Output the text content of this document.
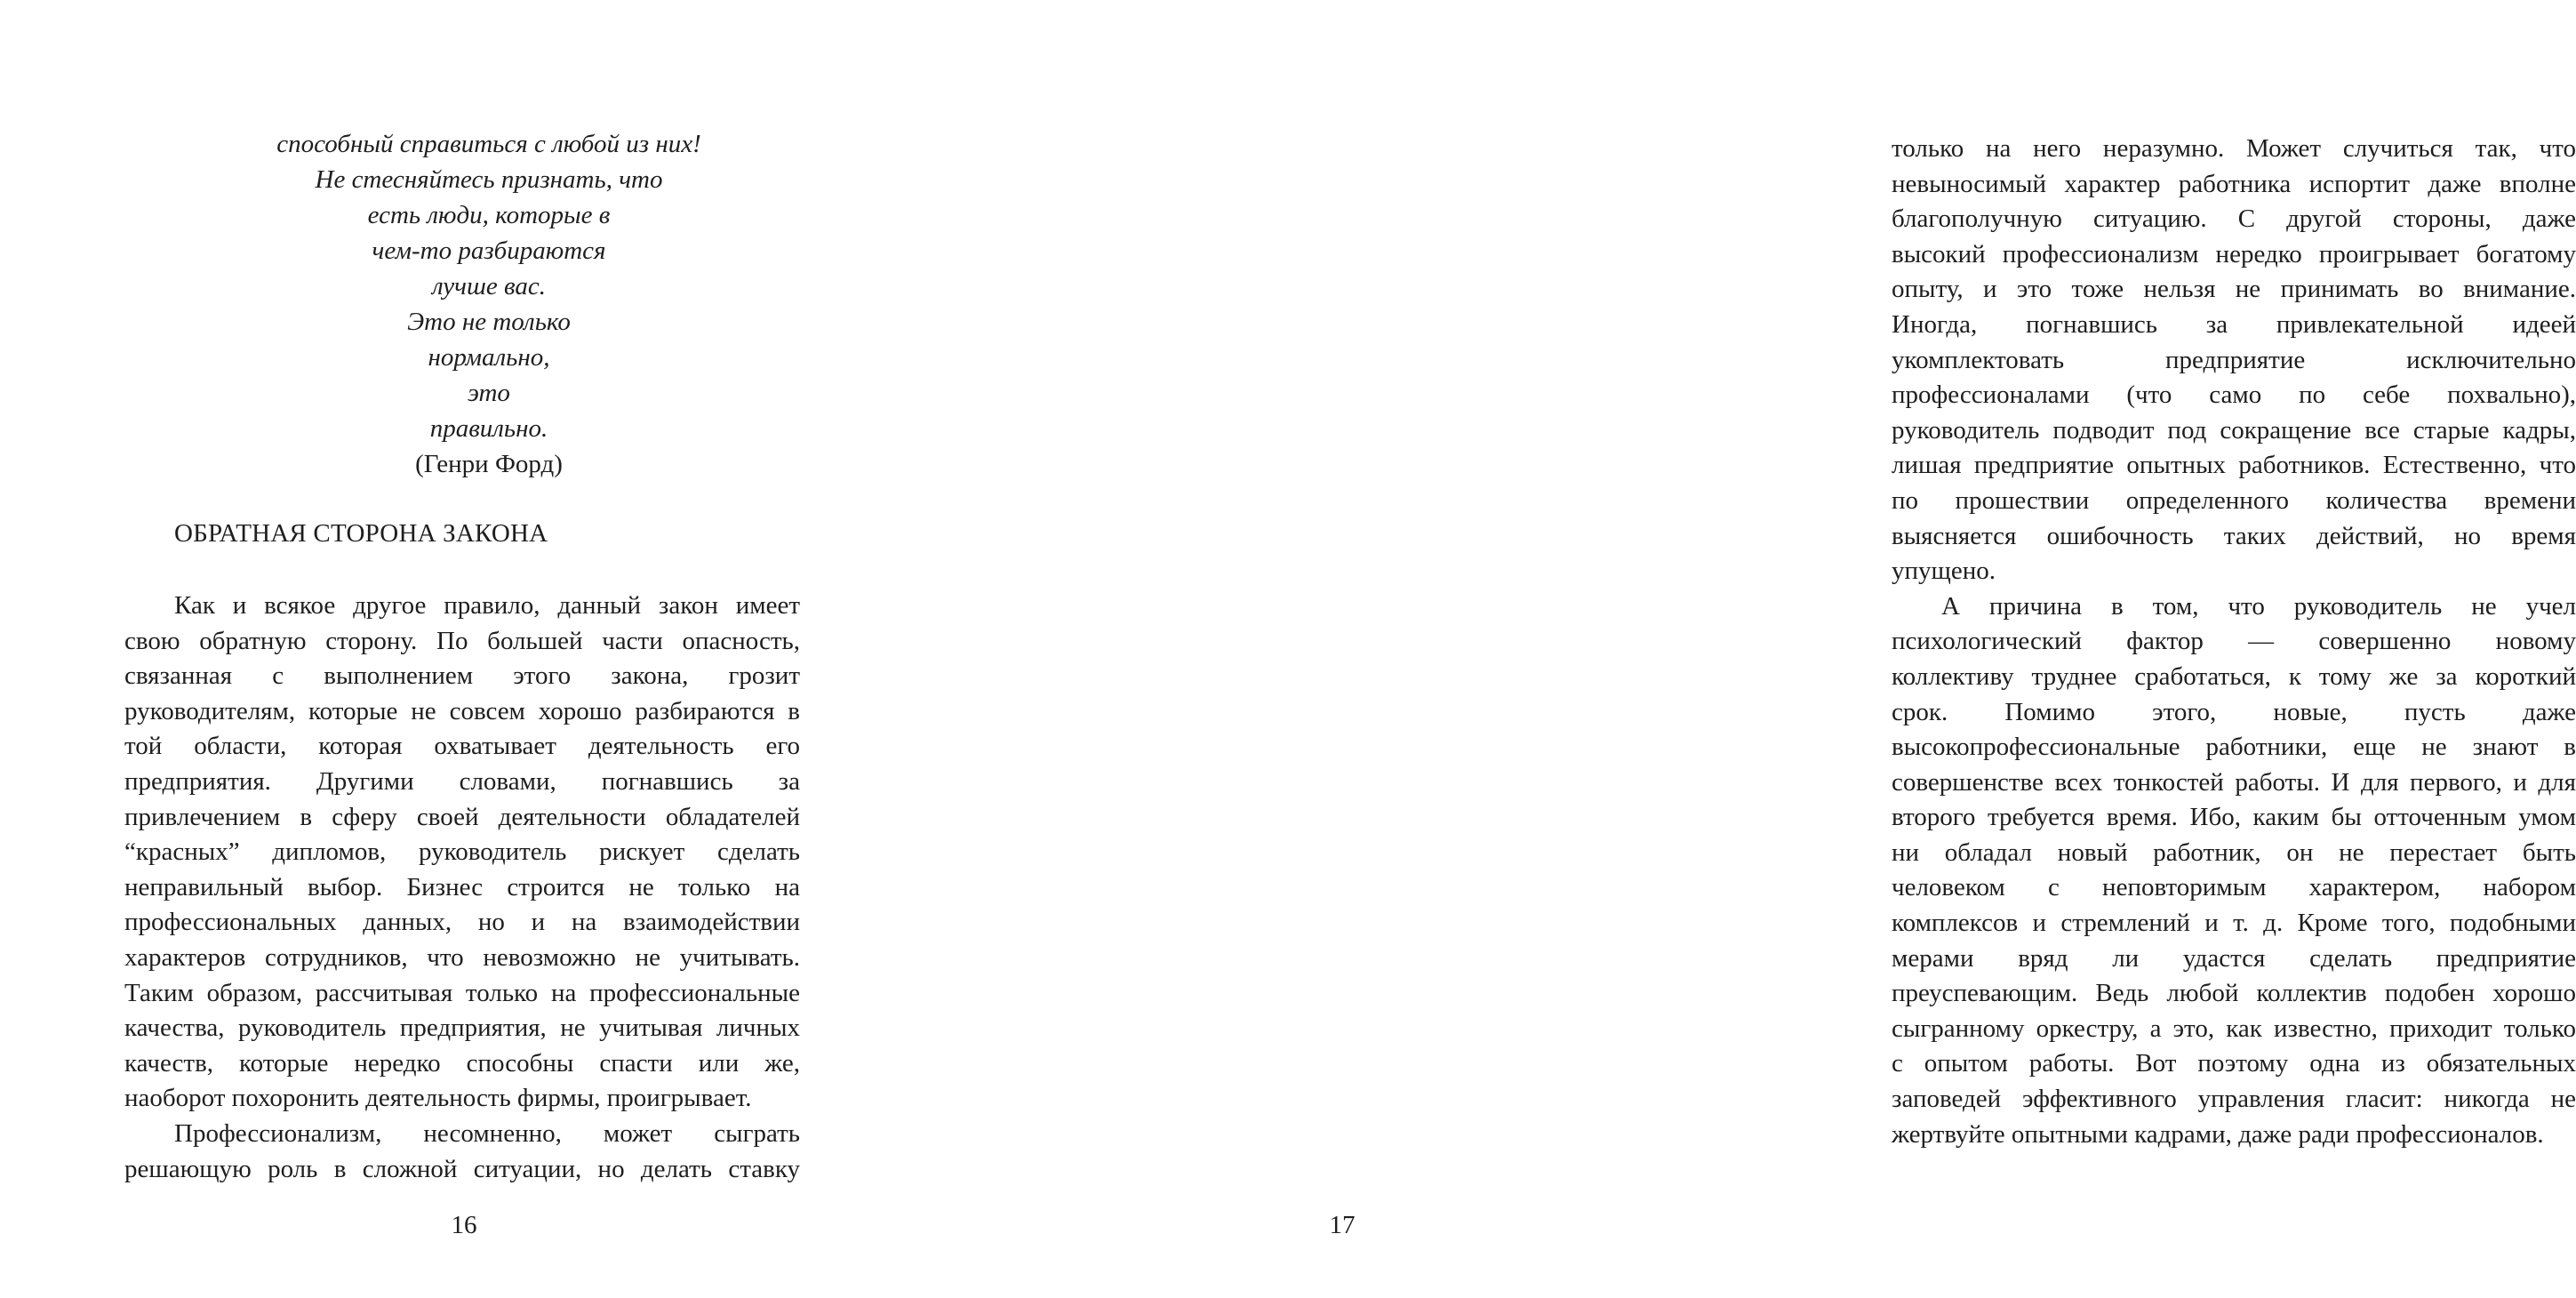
способный справиться с любой из них!
Не стесняйтесь признать, что
есть люди, которые в
чем-то разбираются
лучше вас.
Это не только
нормально,
это
правильно.
(Генри Форд)
ОБРАТНАЯ СТОРОНА ЗАКОНА
Как и всякое другое правило, данный закон имеет
свою обратную сторону. По большей части опасность,
связанная с выполнением этого закона, грозит
руководителям, которые не совсем хорошо разбираются в
той области, которая охватывает деятельность его
предприятия. Другими словами, погнавшись за
привлечением в сферу своей деятельности обладателей
“красных” дипломов, руководитель рискует сделать
неправильный выбор. Бизнес строится не только на
профессиональных данных, но и на взаимодействии
характеров сотрудников, что невозможно не учитывать.
Таким образом, рассчитывая только на профессиональные
качества, руководитель предприятия, не учитывая личных
качеств, которые нередко способны спасти или же,
наоборот похоронить деятельность фирмы, проигрывает.
Профессионализм, несомненно, может сыграть
решающую роль в сложной ситуации, но делать ставку
16
только на него неразумно. Может случиться так, что
невыносимый характер работника испортит даже вполне
благополучную ситуацию. С другой стороны, даже
высокий профессионализм нередко проигрывает богатому
опыту, и это тоже нельзя не принимать во внимание.
Иногда, погнавшись за привлекательной идеей
укомплектовать предприятие исключительно
профессионалами (что само по себе похвально),
руководитель подводит под сокращение все старые кадры,
лишая предприятие опытных работников. Естественно, что
по прошествии определенного количества времени
выясняется ошибочность таких действий, но время
упущено.
А причина в том, что руководитель не учел
психологический фактор — совершенно новому
коллективу труднее сработаться, к тому же за короткий
срок. Помимо этого, новые, пусть даже
высокопрофессиональные работники, еще не знают в
совершенстве всех тонкостей работы. И для первого, и для
второго требуется время. Ибо, каким бы отточенным умом
ни обладал новый работник, он не перестает быть
человеком с неповторимым характером, набором
комплексов и стремлений и т. д. Кроме того, подобными
мерами вряд ли удастся сделать предприятие
преуспевающим. Ведь любой коллектив подобен хорошо
сыгранному оркестру, а это, как известно, приходит только
с опытом работы. Вот поэтому одна из обязательных
заповедей эффективного управления гласит: никогда не
жертвуйте опытными кадрами, даже ради профессионалов.
17
